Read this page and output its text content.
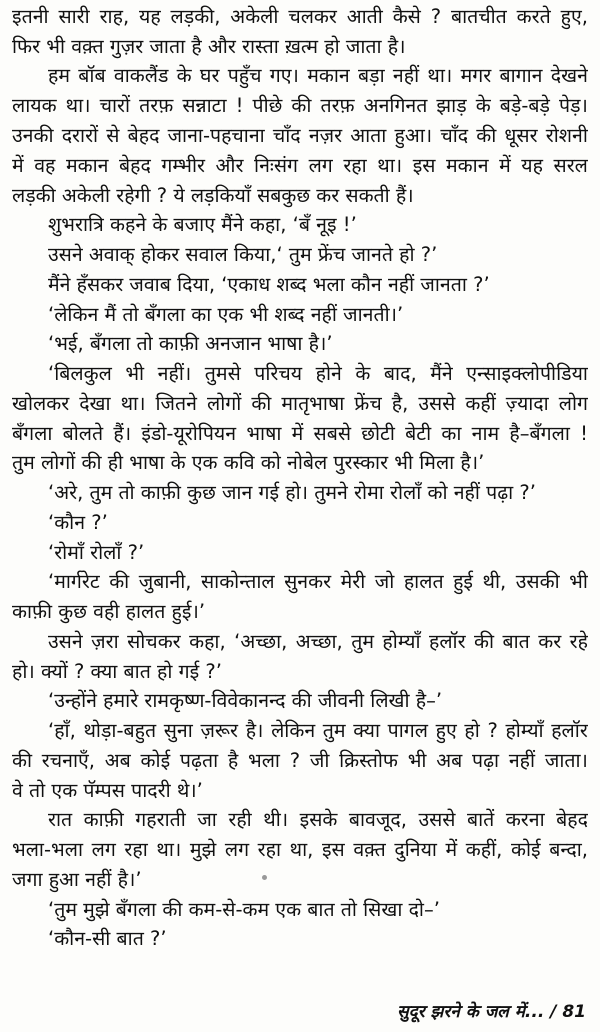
इतनी सारी राह, यह लड़की, अकेली चलकर आती कैसे ? बातचीत करते हुए,
फिर भी वक़्त गुज़र जाता है और रास्ता ख़त्म हो जाता है।
हम बॉब वाकलैंड के घर पहुँच गए। मकान बड़ा नहीं था। मगर बागान देखने
लायक था। चारों तरफ़ सन्नाटा ! पीछे की तरफ़ अनगिनत झाड़ के बड़े-बड़े पेड़।
उनकी दरारों से बेहद जाना-पहचाना चाँद नज़र आता हुआ। चाँद की धूसर रोशनी
में वह मकान बेहद गम्भीर और निःसंग लग रहा था। इस मकान में यह सरल
लड़की अकेली रहेगी ? ये लड़कियाँ सबकुछ कर सकती हैं।
शुभरात्रि कहने के बजाए मैंने कहा, ‘बँ नूइ !’
उसने अवाक् होकर सवाल किया,‘ तुम फ्रेंच जानते हो ?’
मैंने हँसकर जवाब दिया, ‘एकाध शब्द भला कौन नहीं जानता ?’
‘लेकिन मैं तो बँगला का एक भी शब्द नहीं जानती।’
‘भई, बँगला तो काफ़ी अनजान भाषा है।’
‘बिलकुल भी नहीं। तुमसे परिचय होने के बाद, मैंने एन्साइक्लोपीडिया
खोलकर देखा था। जितने लोगों की मातृभाषा फ्रेंच है, उससे कहीं ज़्यादा लोग
बँगला बोलते हैं। इंडो-यूरोपियन भाषा में सबसे छोटी बेटी का नाम है–बँगला !
तुम लोगों की ही भाषा के एक कवि को नोबेल पुरस्कार भी मिला है।’
‘अरे, तुम तो काफ़ी कुछ जान गई हो। तुमने रोमा रोलाँ को नहीं पढ़ा ?’
‘कौन ?’
‘रोमाँ रोलाँ ?’
‘मार्गरेट की जुबानी, साकोन्ताल सुनकर मेरी जो हालत हुई थी, उसकी भी
काफ़ी कुछ वही हालत हुई।’
उसने ज़रा सोचकर कहा, ‘अच्छा, अच्छा, तुम होम्याँ हलॉर की बात कर रहे
हो। क्यों ? क्या बात हो गई ?’
‘उन्होंने हमारे रामकृष्ण-विवेकानन्द की जीवनी लिखी है–’
‘हाँ, थोड़ा-बहुत सुना ज़रूर है। लेकिन तुम क्या पागल हुए हो ? होम्याँ हलॉर
की रचनाएँ, अब कोई पढ़ता है भला ? जी क्रिस्तोफ भी अब पढ़ा नहीं जाता।
वे तो एक पॅम्पस पादरी थे।’
रात काफ़ी गहराती जा रही थी। इसके बावजूद, उससे बातें करना बेहद
भला-भला लग रहा था। मुझे लग रहा था, इस वक़्त दुनिया में कहीं, कोई बन्दा,
जगा हुआ नहीं है।’
‘तुम मुझे बँगला की कम-से-कम एक बात तो सिखा दो–’
‘कौन-सी बात ?’
सुदूर झरने के जल में... / 81
